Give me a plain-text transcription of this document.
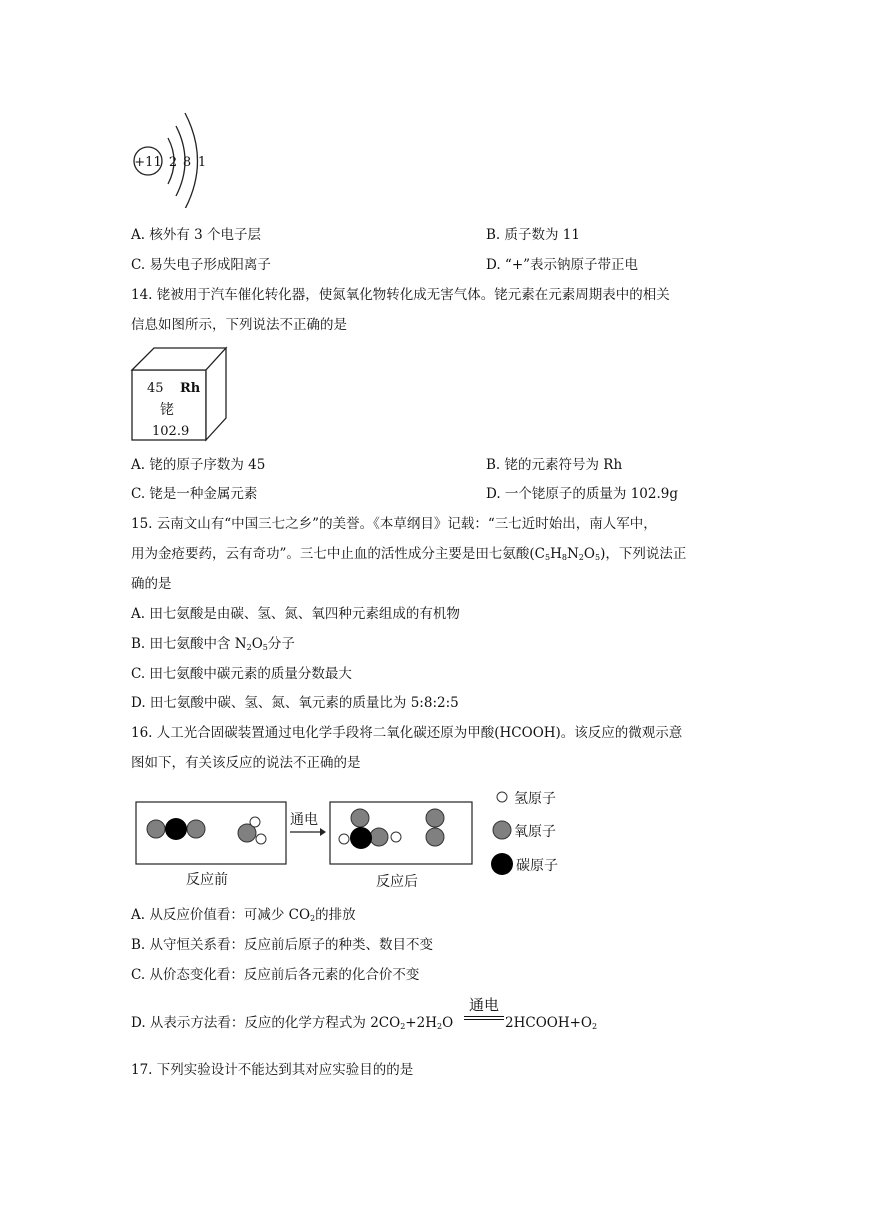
+11 2 8 1
A. 核外有 3 个电子层	B. 质子数为 11
C. 易失电子形成阳离子	D. “+”表示钠原子带正电
14. 铑被用于汽车催化转化器，使氮氧化物转化成无害气体。铑元素在元素周期表中的相关
信息如图所示，下列说法不正确的是
45 Rh
铑
102.9
A. 铑的原子序数为 45	B. 铑的元素符号为 Rh
C. 铑是一种金属元素	D. 一个铑原子的质量为 102.9g
15. 云南文山有“中国三七之乡”的美誉。《本草纲目》记载：“三七近时始出，南人军中，
用为金疮要药，云有奇功”。三七中止血的活性成分主要是田七氨酸$(C_5H_8N_2O_5)$，下列说法正
确的是
A. 田七氨酸是由碳、氢、氮、氧四种元素组成的有机物
B. 田七氨酸中含 $N_2O_5$分子
C. 田七氨酸中碳元素的质量分数最大
D. 田七氨酸中碳、氢、氮、氧元素的质量比为 5:8:2:5
16. 人工光合固碳装置通过电化学手段将二氧化碳还原为甲酸(HCOOH)。该反应的微观示意
图如下，有关该反应的说法不正确的是
反应前
通电
反应后
氢原子
氧原子
碳原子
A. 从反应价值看：可减少 $CO_2$的排放
B. 从守恒关系看：反应前后原子的种类、数目不变
C. 从价态变化看：反应前后各元素的化合价不变
D. 从表示方法看：反应的化学方程式为 $2CO_2+2H_2O$
通电
$2HCOOH+O_2$
17. 下列实验设计不能达到其对应实验目的的是
